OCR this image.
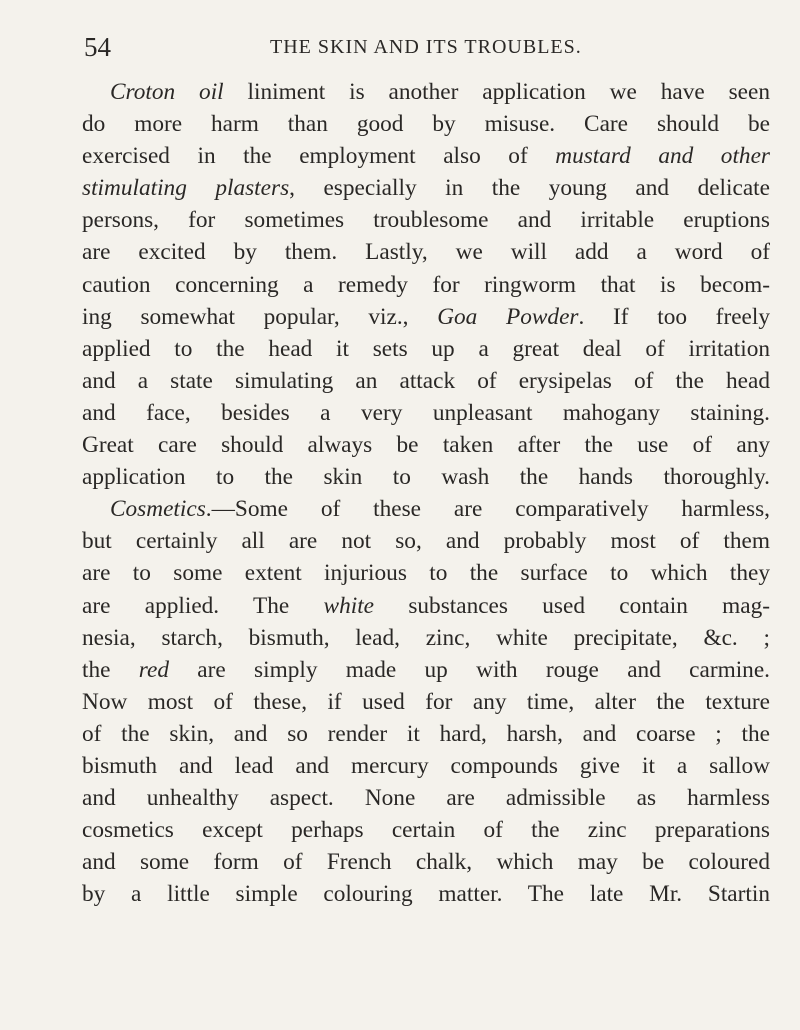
54	THE SKIN AND ITS TROUBLES.
Croton oil liniment is another application we have seen
do more harm than good by misuse. Care should be
exercised in the employment also of mustard and other
stimulating plasters, especially in the young and delicate
persons, for sometimes troublesome and irritable eruptions
are excited by them. Lastly, we will add a word of
caution concerning a remedy for ringworm that is becom-
ing somewhat popular, viz., Goa Powder. If too freely
applied to the head it sets up a great deal of irritation
and a state simulating an attack of erysipelas of the head
and face, besides a very unpleasant mahogany staining.
Great care should always be taken after the use of any
application to the skin to wash the hands thoroughly.
Cosmetics.—Some of these are comparatively harmless,
but certainly all are not so, and probably most of them
are to some extent injurious to the surface to which they
are applied. The white substances used contain mag-
nesia, starch, bismuth, lead, zinc, white precipitate, &c. ;
the red are simply made up with rouge and carmine.
Now most of these, if used for any time, alter the texture
of the skin, and so render it hard, harsh, and coarse ; the
bismuth and lead and mercury compounds give it a sallow
and unhealthy aspect. None are admissible as harmless
cosmetics except perhaps certain of the zinc preparations
and some form of French chalk, which may be coloured
by a little simple colouring matter. The late Mr. Startin
